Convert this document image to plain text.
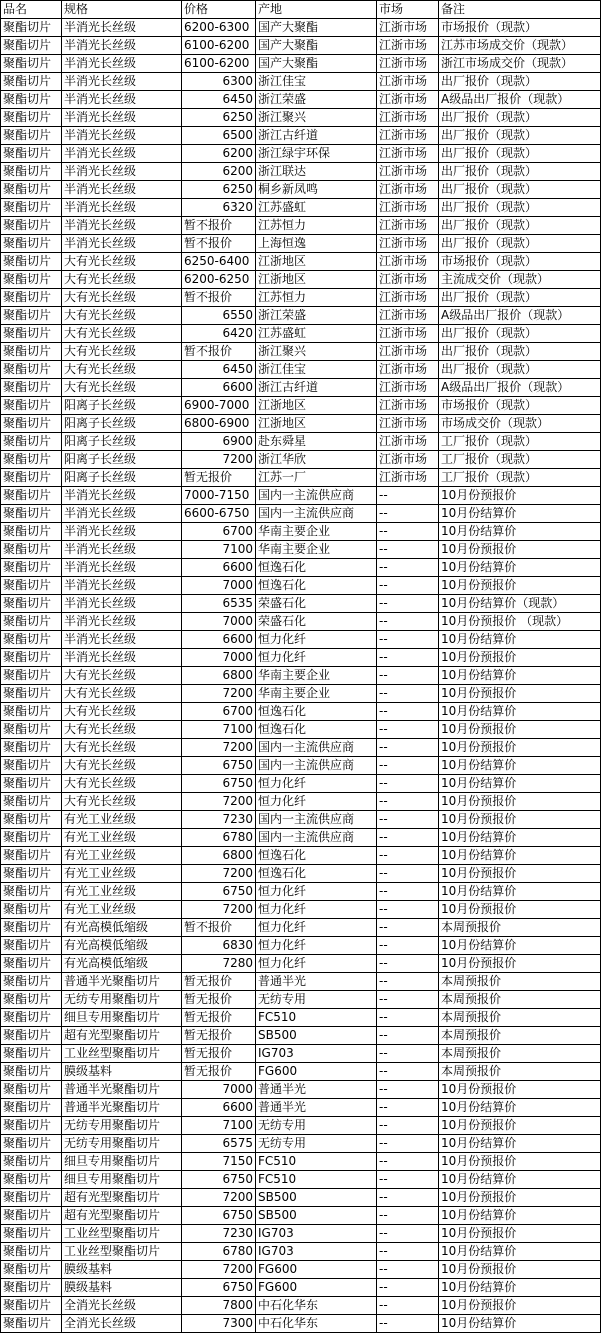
品名	规格	价格	产地	市场	备注
聚酯切片	半消光长丝级	6200-6300	国产大聚酯	江浙市场	市场报价（现款）
聚酯切片	半消光长丝级	6100-6200	国产大聚酯	江浙市场	江苏市场成交价（现款）
聚酯切片	半消光长丝级	6100-6200	国产大聚酯	江浙市场	浙江市场成交价（现款）
聚酯切片	半消光长丝级	6300	浙江佳宝	江浙市场	出厂报价（现款）
聚酯切片	半消光长丝级	6450	浙江荣盛	江浙市场	A级品出厂报价（现款）
聚酯切片	半消光长丝级	6250	浙江聚兴	江浙市场	出厂报价（现款）
聚酯切片	半消光长丝级	6500	浙江古纤道	江浙市场	出厂报价（现款）
聚酯切片	半消光长丝级	6200	浙江绿宇环保	江浙市场	出厂报价（现款）
聚酯切片	半消光长丝级	6200	浙江联达	江浙市场	出厂报价（现款）
聚酯切片	半消光长丝级	6250	桐乡新凤鸣	江浙市场	出厂报价（现款）
聚酯切片	半消光长丝级	6320	江苏盛虹	江浙市场	出厂报价（现款）
聚酯切片	半消光长丝级	暂不报价	江苏恒力	江浙市场	出厂报价（现款）
聚酯切片	半消光长丝级	暂不报价	上海恒逸	江浙市场	出厂报价（现款）
聚酯切片	大有光长丝级	6250-6400	江浙地区	江浙市场	市场报价（现款）
聚酯切片	大有光长丝级	6200-6250	江浙地区	江浙市场	主流成交价（现款）
聚酯切片	大有光长丝级	暂不报价	江苏恒力	江浙市场	出厂报价（现款）
聚酯切片	大有光长丝级	6550	浙江荣盛	江浙市场	A级品出厂报价（现款）
聚酯切片	大有光长丝级	6420	江苏盛虹	江浙市场	出厂报价（现款）
聚酯切片	大有光长丝级	暂不报价	浙江聚兴	江浙市场	出厂报价（现款）
聚酯切片	大有光长丝级	6450	浙江佳宝	江浙市场	出厂报价（现款）
聚酯切片	大有光长丝级	6600	浙江古纤道	江浙市场	A级品出厂报价（现款）
聚酯切片	阳离子长丝级	6900-7000	江浙地区	江浙市场	市场报价（现款）
聚酯切片	阳离子长丝级	6800-6900	江浙地区	江浙市场	市场成交价（现款）
聚酯切片	阳离子长丝级	6900	赴东舜星	江浙市场	工厂报价（现款）
聚酯切片	阳离子长丝级	7200	浙江华欣	江浙市场	工厂报价（现款）
聚酯切片	阳离子长丝级	暂无报价	江苏一厂	江浙市场	工厂报价（现款）
聚酯切片	半消光长丝级	7000-7150	国内一主流供应商	--	10月份预报价
聚酯切片	半消光长丝级	6600-6750	国内一主流供应商	--	10月份结算价
聚酯切片	半消光长丝级	6700	华南主要企业	--	10月份结算价
聚酯切片	半消光长丝级	7100	华南主要企业	--	10月份预报价
聚酯切片	半消光长丝级	6600	恒逸石化	--	10月份结算价
聚酯切片	半消光长丝级	7000	恒逸石化	--	10月份预报价
聚酯切片	半消光长丝级	6535	荣盛石化	--	10月份结算价（现款）
聚酯切片	半消光长丝级	7000	荣盛石化	--	10月份预报价 （现款）
聚酯切片	半消光长丝级	6600	恒力化纤	--	10月份结算价
聚酯切片	半消光长丝级	7000	恒力化纤	--	10月份预报价
聚酯切片	大有光长丝级	6800	华南主要企业	--	10月份结算价
聚酯切片	大有光长丝级	7200	华南主要企业	--	10月份预报价
聚酯切片	大有光长丝级	6700	恒逸石化	--	10月份结算价
聚酯切片	大有光长丝级	7100	恒逸石化	--	10月份预报价
聚酯切片	大有光长丝级	7200	国内一主流供应商	--	10月份预报价
聚酯切片	大有光长丝级	6750	国内一主流供应商	--	10月份结算价
聚酯切片	大有光长丝级	6750	恒力化纤	--	10月份结算价
聚酯切片	大有光长丝级	7200	恒力化纤	--	10月份预报价
聚酯切片	有光工业丝级	7230	国内一主流供应商	--	10月份预报价
聚酯切片	有光工业丝级	6780	国内一主流供应商	--	10月份结算价
聚酯切片	有光工业丝级	6800	恒逸石化	--	10月份结算价
聚酯切片	有光工业丝级	7200	恒逸石化	--	10月份预报价
聚酯切片	有光工业丝级	6750	恒力化纤	--	10月份结算价
聚酯切片	有光工业丝级	7200	恒力化纤	--	10月份预报价
聚酯切片	有光高模低缩级	暂不报价	恒力化纤	--	本周预报价
聚酯切片	有光高模低缩级	6830	恒力化纤	--	10月份结算价
聚酯切片	有光高模低缩级	7280	恒力化纤	--	10月份预报价
聚酯切片	普通半光聚酯切片	暂无报价	普通半光	--	本周预报价
聚酯切片	无纺专用聚酯切片	暂无报价	无纺专用	--	本周预报价
聚酯切片	细旦专用聚酯切片	暂无报价	FC510	--	本周预报价
聚酯切片	超有光型聚酯切片	暂无报价	SB500	--	本周预报价
聚酯切片	工业丝型聚酯切片	暂无报价	IG703	--	本周预报价
聚酯切片	膜级基料	暂无报价	FG600	--	本周预报价
聚酯切片	普通半光聚酯切片	7000	普通半光	--	10月份预报价
聚酯切片	普通半光聚酯切片	6600	普通半光	--	10月份结算价
聚酯切片	无纺专用聚酯切片	7100	无纺专用	--	10月份预报价
聚酯切片	无纺专用聚酯切片	6575	无纺专用	--	10月份结算价
聚酯切片	细旦专用聚酯切片	7150	FC510	--	10月份预报价
聚酯切片	细旦专用聚酯切片	6750	FC510	--	10月份结算价
聚酯切片	超有光型聚酯切片	7200	SB500	--	10月份预报价
聚酯切片	超有光型聚酯切片	6750	SB500	--	10月份结算价
聚酯切片	工业丝型聚酯切片	7230	IG703	--	10月份预报价
聚酯切片	工业丝型聚酯切片	6780	IG703	--	10月份结算价
聚酯切片	膜级基料	7200	FG600	--	10月份预报价
聚酯切片	膜级基料	6750	FG600	--	10月份结算价
聚酯切片	全消光长丝级	7800	中石化华东	--	10月份预报价
聚酯切片	全消光长丝级	7300	中石化华东	--	10月份结算价
